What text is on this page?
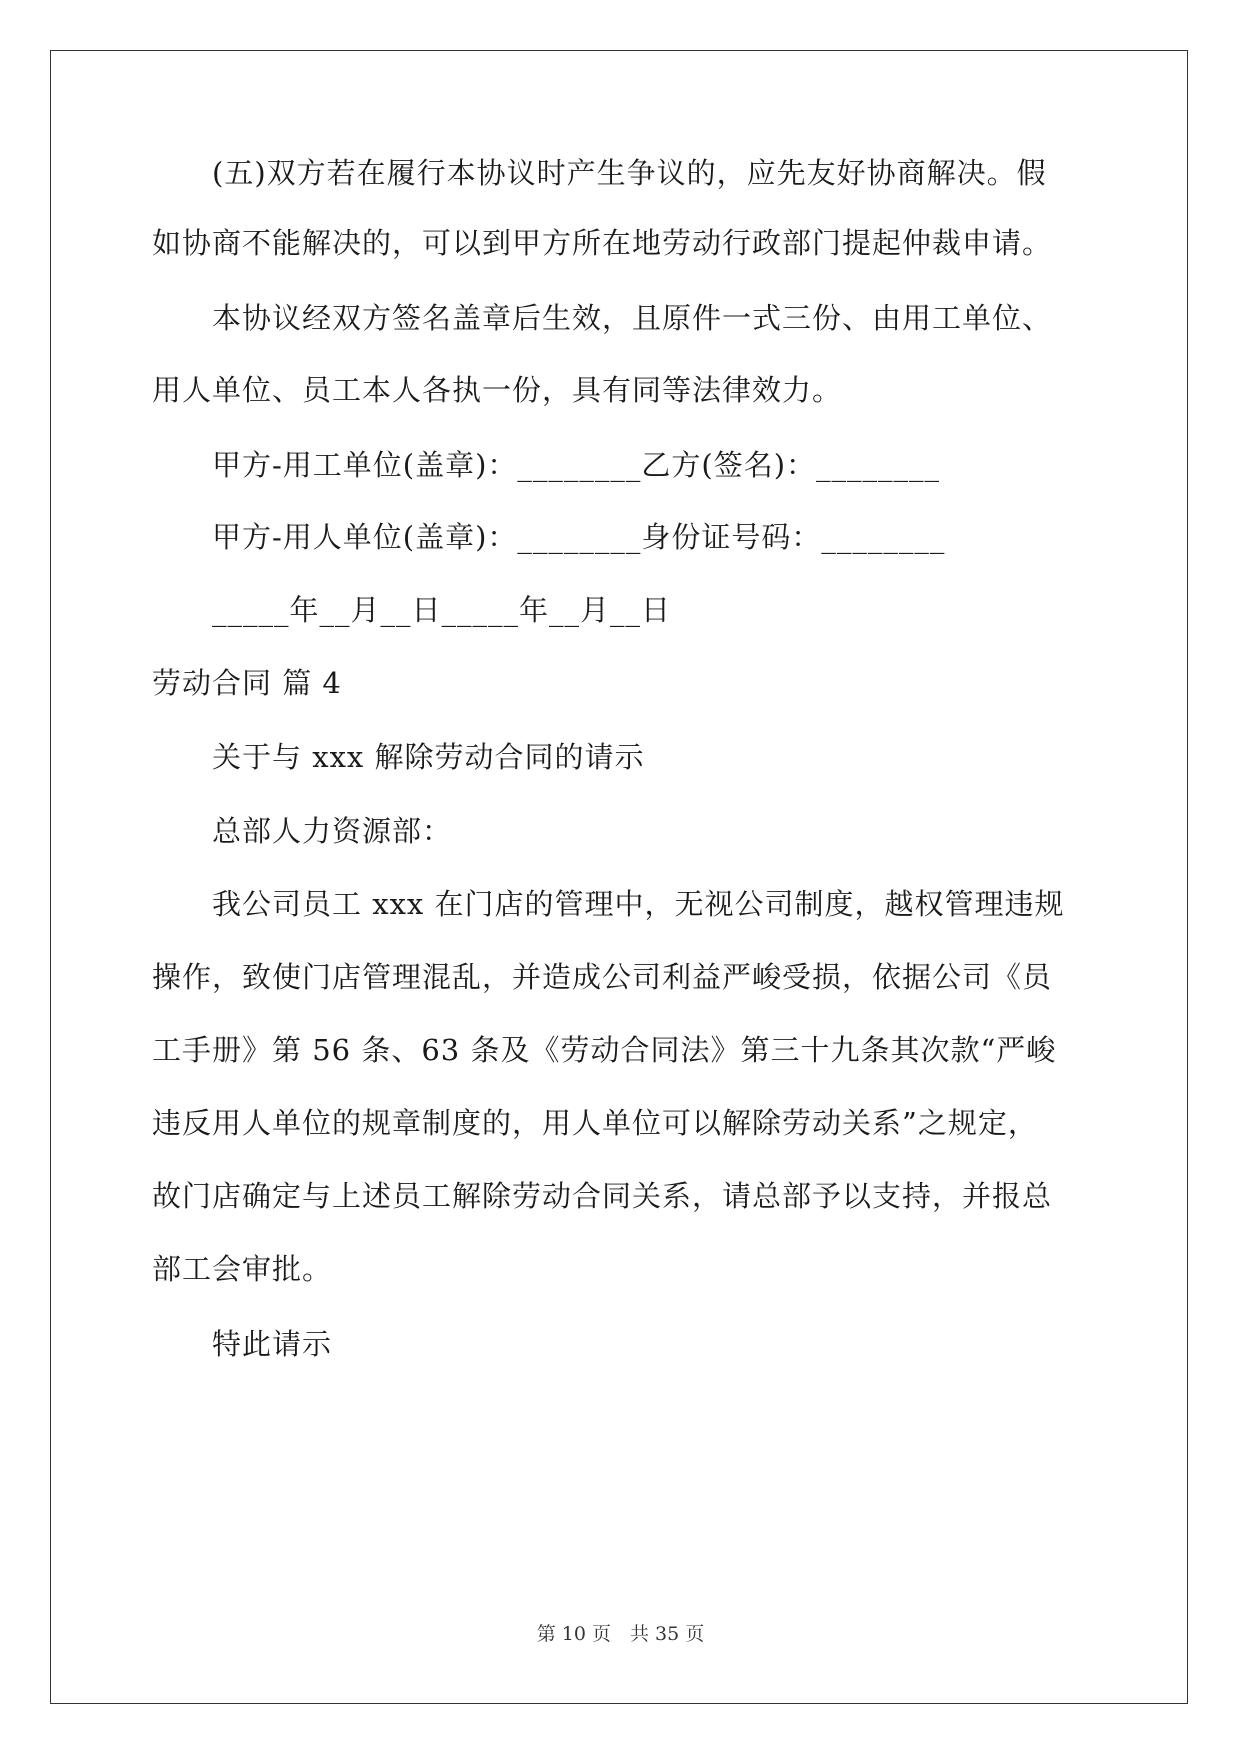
(五)双方若在履行本协议时产生争议的，应先友好协商解决。假
如协商不能解决的，可以到甲方所在地劳动行政部门提起仲裁申请。
本协议经双方签名盖章后生效，且原件一式三份、由用工单位、
用人单位、员工本人各执一份，具有同等法律效力。
甲方-用工单位(盖章)：________乙方(签名)：________
甲方-用人单位(盖章)：________身份证号码：________
_____年__月__日_____年__月__日
劳动合同 篇 4
关于与 xxx 解除劳动合同的请示
总部人力资源部：
我公司员工 xxx 在门店的管理中，无视公司制度，越权管理违规
操作，致使门店管理混乱，并造成公司利益严峻受损，依据公司《员
工手册》第 56 条、63 条及《劳动合同法》第三十九条其次款“严峻
违反用人单位的规章制度的，用人单位可以解除劳动关系”之规定，
故门店确定与上述员工解除劳动合同关系，请总部予以支持，并报总
部工会审批。
特此请示
第 10 页　共 35 页
